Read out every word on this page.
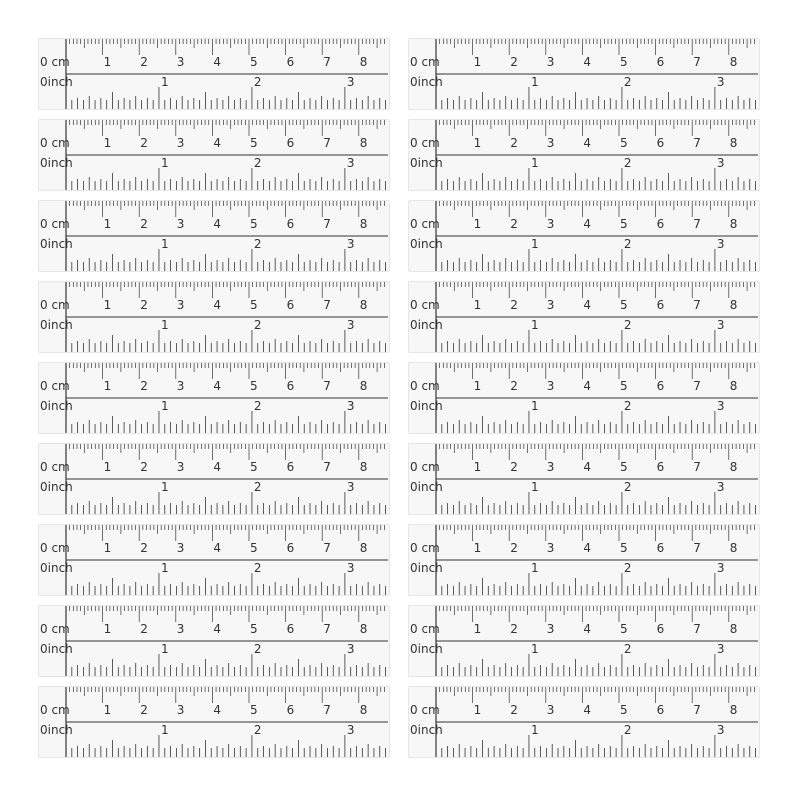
0 cm	1 2 3 4 5 6 7 8
0inch	1	2	3
0 cm	1 2 3 4 5 6 7 8
0inch	1	2	3
0 cm	1 2 3 4 5 6 7 8
0inch	1	2	3
0 cm	1 2 3 4 5 6 7 8
0inch	1	2	3
0 cm	1 2 3 4 5 6 7 8
0inch	1	2	3
0 cm	1 2 3 4 5 6 7 8
0inch	1	2	3
0 cm	1 2 3 4 5 6 7 8
0inch	1	2	3
0 cm	1 2 3 4 5 6 7 8
0inch	1	2	3
0 cm	1 2 3 4 5 6 7 8
0inch	1	2	3
0 cm	1 2 3 4 5 6 7 8
0inch	1	2	3
0 cm	1 2 3 4 5 6 7 8
0inch	1	2	3
0 cm	1 2 3 4 5 6 7 8
0inch	1	2	3
0 cm	1 2 3 4 5 6 7 8
0inch	1	2	3
0 cm	1 2 3 4 5 6 7 8
0inch	1	2	3
0 cm	1 2 3 4 5 6 7 8
0inch	1	2	3
0 cm	1 2 3 4 5 6 7 8
0inch	1	2	3
0 cm	1 2 3 4 5 6 7 8
0inch	1	2	3
0 cm	1 2 3 4 5 6 7 8
0inch	1	2	3
